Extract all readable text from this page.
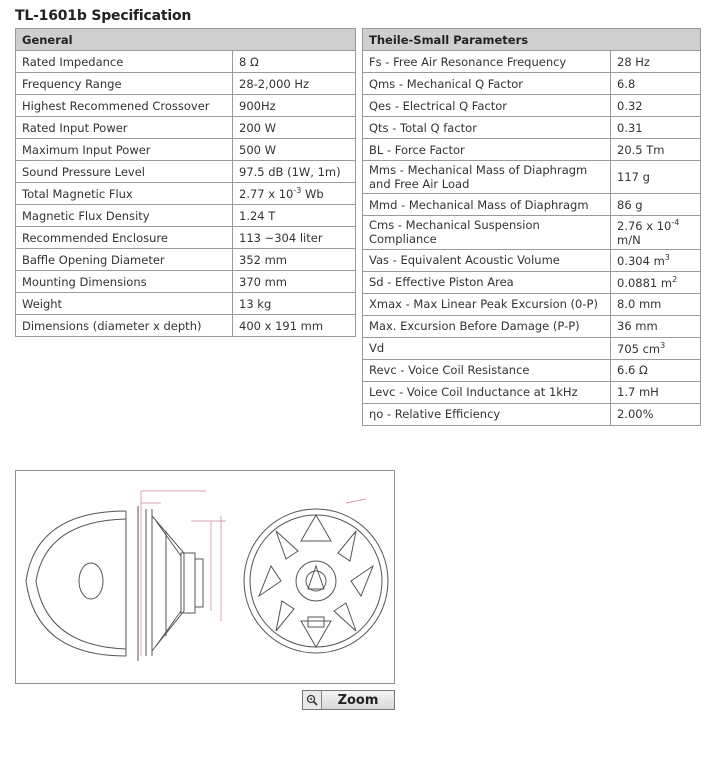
TL-1601b Specification
General	
Rated Impedance	8 Ω
Frequency Range	28-2,000 Hz
Highest Recommened Crossover	900Hz
Rated Input Power	200 W
Maximum Input Power	500 W
Sound Pressure Level	97.5 dB (1W, 1m)
Total Magnetic Flux	2.77 x $10^{-3}$ Wb
Magnetic Flux Density	1.24 T
Recommended Enclosure	113 ~304 liter
Baffle Opening Diameter	352 mm
Mounting Dimensions	370 mm
Weight	13 kg
Dimensions (diameter x depth)	400 x 191 mm
Theile-Small Parameters	
Fs - Free Air Resonance Frequency	28 Hz
Qms - Mechanical Q Factor	6.8
Qes - Electrical Q Factor	0.32
Qts - Total Q factor	0.31
BL - Force Factor	20.5 Tm
Mms - Mechanical Mass of Diaphragm and Free Air Load	117 g
Mmd - Mechanical Mass of Diaphragm	86 g
Cms - Mechanical Suspension Compliance	2.76 x $10^{-4}$ m/N
Vas - Equivalent Acoustic Volume	0.304 $m^3$
Sd - Effective Piston Area	0.0881 $m^2$
Xmax - Max Linear Peak Excursion (0-P)	8.0 mm
Max. Excursion Before Damage (P-P)	36 mm
Vd	705 $cm^3$
Revc - Voice Coil Resistance	6.6 Ω
Levc - Voice Coil Inductance at 1kHz	1.7 mH
ηo - Relative Efficiency	2.00%
Zoom
